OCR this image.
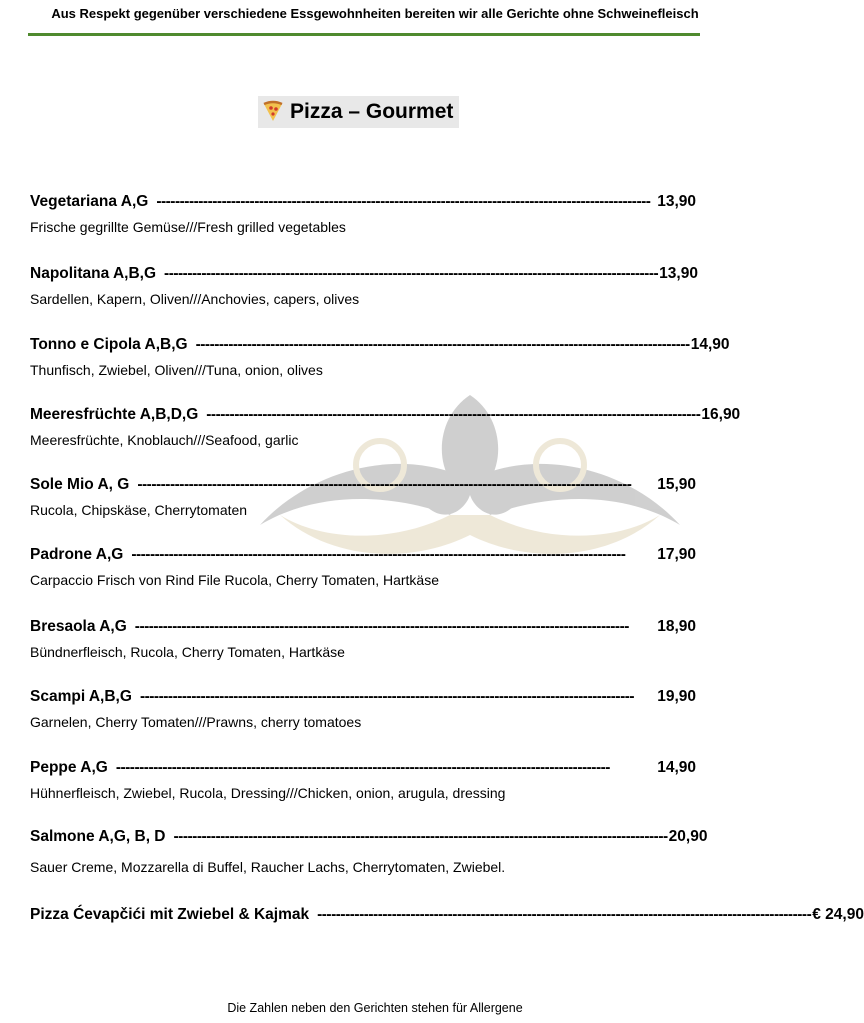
Aus Respekt gegenüber verschiedene Essgewohnheiten bereiten wir alle Gerichte ohne Schweinefleisch
Pizza – Gourmet
Vegetariana A,G ---------------------------------------------------------------------------------------------------------- 13,90
Frische gegrillte Gemüse///Fresh grilled vegetables
Napolitana A,B,G ---------------------------------------------------------------------------------------------------------- 13,90
Sardellen, Kapern, Oliven///Anchovies, capers, olives
Tonno e Cipola A,B,G ---------------------------------------------------------------------------------------------------------- 14,90
Thunfisch, Zwiebel, Oliven///Tuna, onion, olives
Meeresfrüchte A,B,D,G ---------------------------------------------------------------------------------------------------------- 16,90
Meeresfrüchte, Knoblauch///Seafood, garlic
Sole Mio A, G ----------------------------------------------------------------------------------------------------------	15,90
Rucola, Chipskäse, Cherrytomaten
Padrone A,G ----------------------------------------------------------------------------------------------------------	17,90
Carpaccio Frisch von Rind File Rucola, Cherry Tomaten, Hartkäse
Bresaola A,G ----------------------------------------------------------------------------------------------------------	18,90
Bündnerfleisch, Rucola, Cherry Tomaten, Hartkäse
Scampi A,B,G ----------------------------------------------------------------------------------------------------------	19,90
Garnelen, Cherry Tomaten///Prawns, cherry tomatoes
Peppe A,G ----------------------------------------------------------------------------------------------------------	14,90
Hühnerfleisch, Zwiebel, Rucola, Dressing///Chicken, onion, arugula, dressing
Salmone A,G, B, D ---------------------------------------------------------------------------------------------------------- 20,90
Sauer Creme, Mozzarella di Buffel, Raucher Lachs, Cherrytomaten, Zwiebel.
Pizza Ćevapčići mit Zwiebel & Kajmak ---------------------------------------------------------------------------------------------------------- € 24,90
Die Zahlen neben den Gerichten stehen für Allergene
